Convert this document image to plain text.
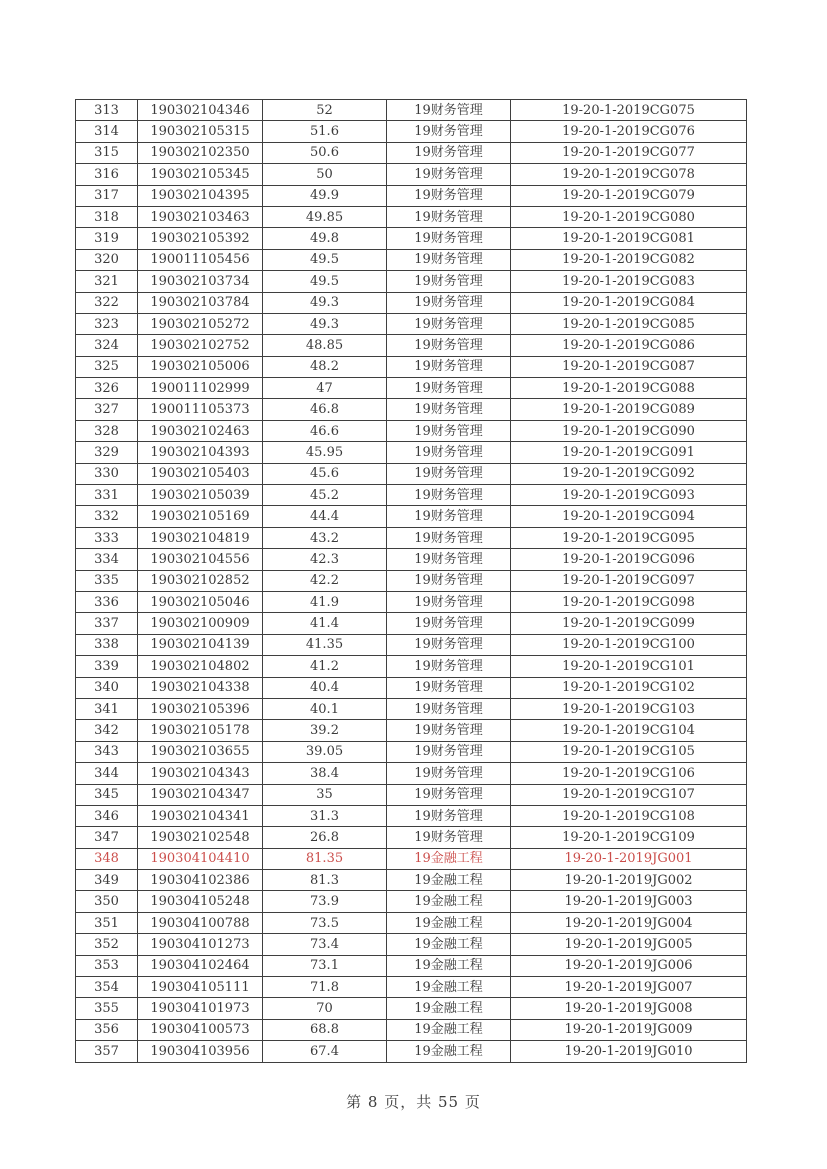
313	190302104346	52	19财务管理	19-20-1-2019CG075
314	190302105315	51.6	19财务管理	19-20-1-2019CG076
315	190302102350	50.6	19财务管理	19-20-1-2019CG077
316	190302105345	50	19财务管理	19-20-1-2019CG078
317	190302104395	49.9	19财务管理	19-20-1-2019CG079
318	190302103463	49.85	19财务管理	19-20-1-2019CG080
319	190302105392	49.8	19财务管理	19-20-1-2019CG081
320	190011105456	49.5	19财务管理	19-20-1-2019CG082
321	190302103734	49.5	19财务管理	19-20-1-2019CG083
322	190302103784	49.3	19财务管理	19-20-1-2019CG084
323	190302105272	49.3	19财务管理	19-20-1-2019CG085
324	190302102752	48.85	19财务管理	19-20-1-2019CG086
325	190302105006	48.2	19财务管理	19-20-1-2019CG087
326	190011102999	47	19财务管理	19-20-1-2019CG088
327	190011105373	46.8	19财务管理	19-20-1-2019CG089
328	190302102463	46.6	19财务管理	19-20-1-2019CG090
329	190302104393	45.95	19财务管理	19-20-1-2019CG091
330	190302105403	45.6	19财务管理	19-20-1-2019CG092
331	190302105039	45.2	19财务管理	19-20-1-2019CG093
332	190302105169	44.4	19财务管理	19-20-1-2019CG094
333	190302104819	43.2	19财务管理	19-20-1-2019CG095
334	190302104556	42.3	19财务管理	19-20-1-2019CG096
335	190302102852	42.2	19财务管理	19-20-1-2019CG097
336	190302105046	41.9	19财务管理	19-20-1-2019CG098
337	190302100909	41.4	19财务管理	19-20-1-2019CG099
338	190302104139	41.35	19财务管理	19-20-1-2019CG100
339	190302104802	41.2	19财务管理	19-20-1-2019CG101
340	190302104338	40.4	19财务管理	19-20-1-2019CG102
341	190302105396	40.1	19财务管理	19-20-1-2019CG103
342	190302105178	39.2	19财务管理	19-20-1-2019CG104
343	190302103655	39.05	19财务管理	19-20-1-2019CG105
344	190302104343	38.4	19财务管理	19-20-1-2019CG106
345	190302104347	35	19财务管理	19-20-1-2019CG107
346	190302104341	31.3	19财务管理	19-20-1-2019CG108
347	190302102548	26.8	19财务管理	19-20-1-2019CG109
348	190304104410	81.35	19金融工程	19-20-1-2019JG001
349	190304102386	81.3	19金融工程	19-20-1-2019JG002
350	190304105248	73.9	19金融工程	19-20-1-2019JG003
351	190304100788	73.5	19金融工程	19-20-1-2019JG004
352	190304101273	73.4	19金融工程	19-20-1-2019JG005
353	190304102464	73.1	19金融工程	19-20-1-2019JG006
354	190304105111	71.8	19金融工程	19-20-1-2019JG007
355	190304101973	70	19金融工程	19-20-1-2019JG008
356	190304100573	68.8	19金融工程	19-20-1-2019JG009
357	190304103956	67.4	19金融工程	19-20-1-2019JG010
第 8 页，共 55 页
